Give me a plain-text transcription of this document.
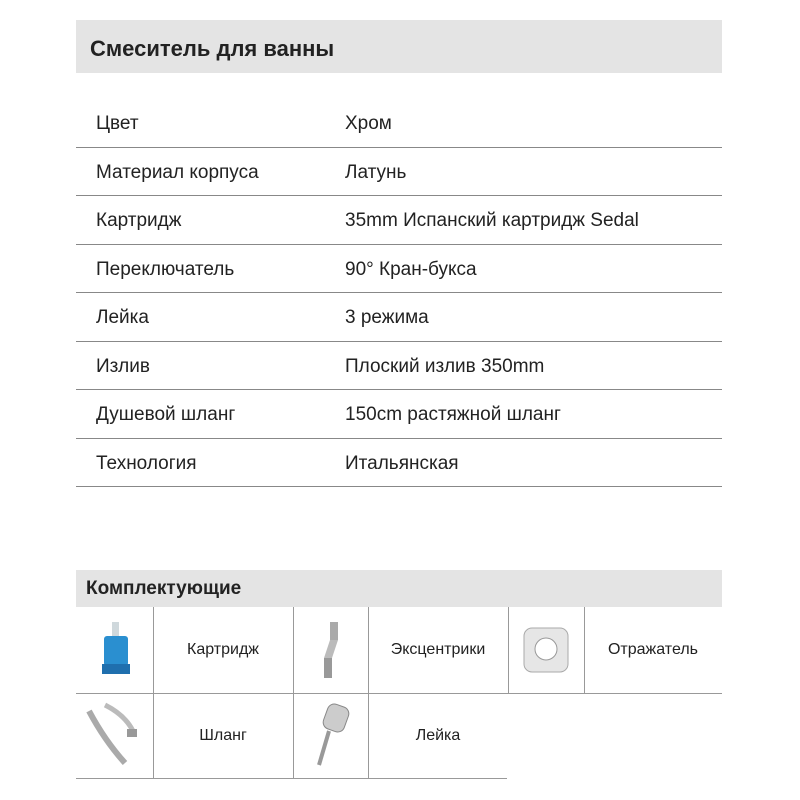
Смеситель для ванны
Цвет	Хром
Материал корпуса	Латунь
Картридж	35mm Испанский картридж Sedal
Переключатель	90° Кран-букса
Лейка	3 режима
Излив	Плоский излив 350mm
Душевой шланг	150cm растяжной шланг
Технология	Итальянская
Комплектующие
Картридж	Эксцентрики	Отражатель
Шланг	Лейка
